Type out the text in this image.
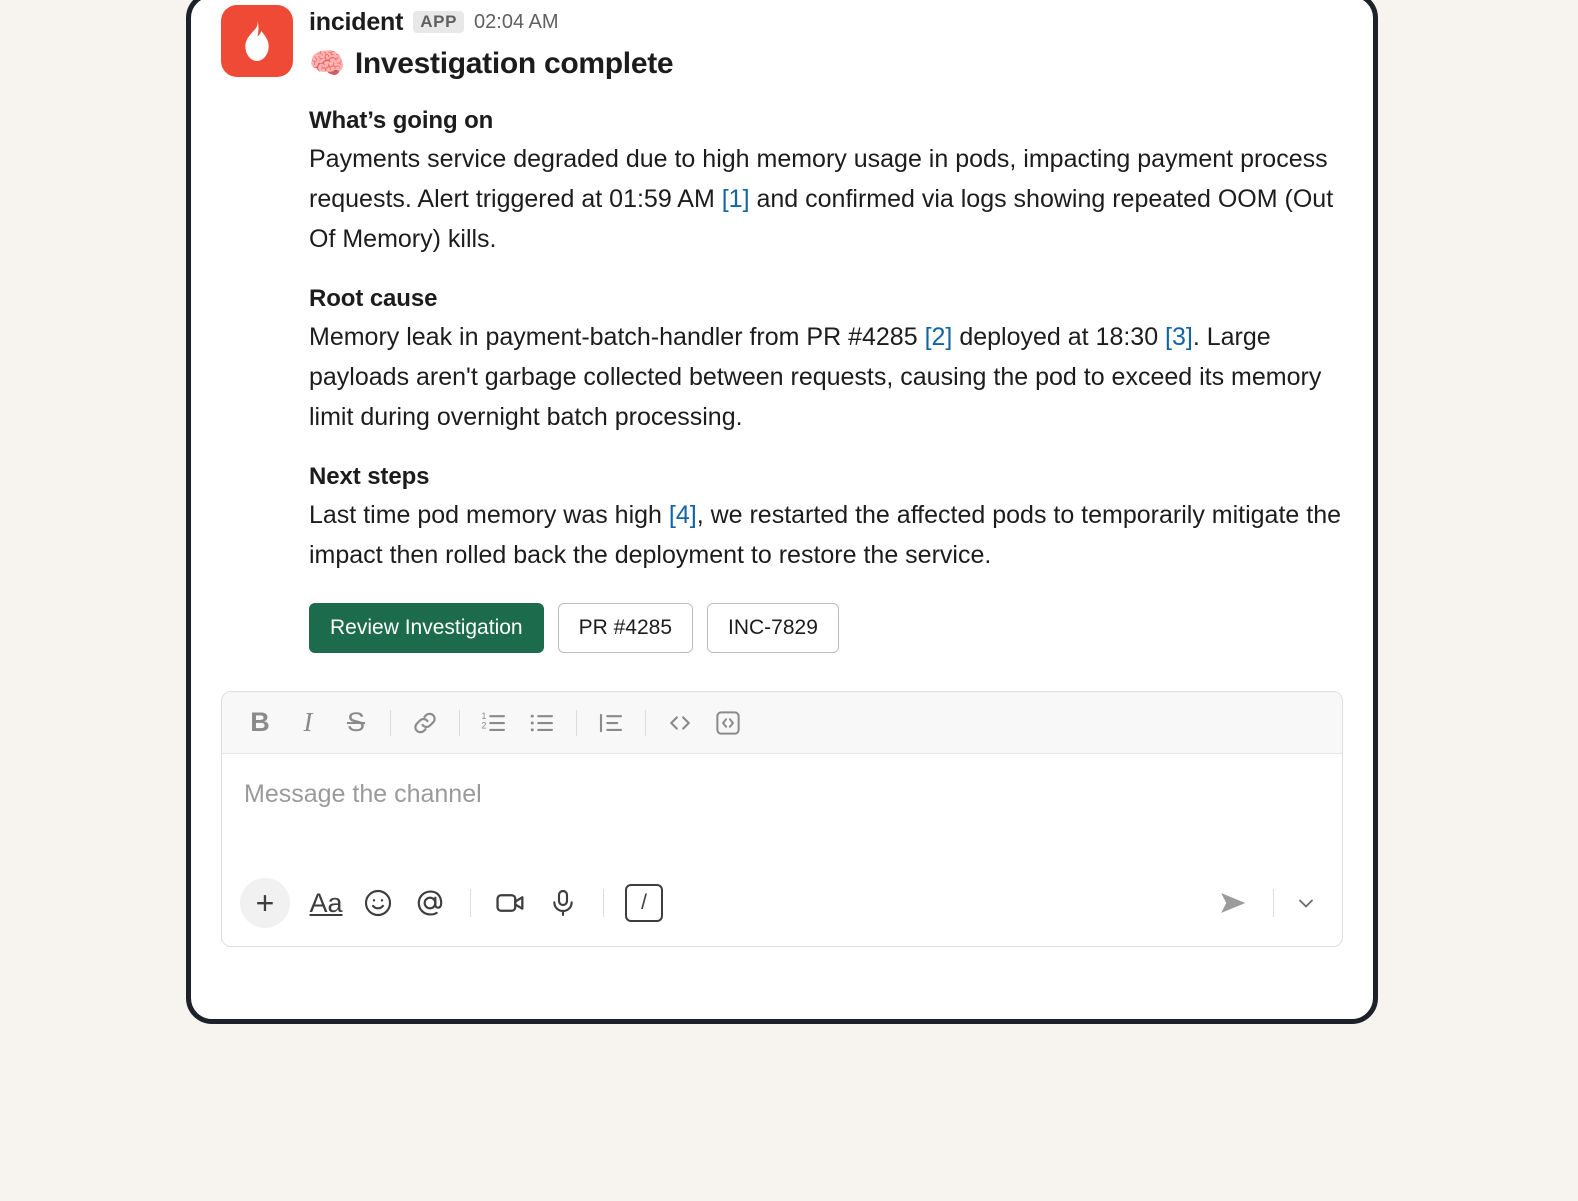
incident	APP 02:04 AM
🧠 Investigation complete
What’s going on
Payments service degraded due to high memory usage in pods, impacting payment process requests. Alert triggered at 01:59 AM [1] and confirmed via logs showing repeated OOM (Out Of Memory) kills.
Root cause
Memory leak in payment-batch-handler from PR #4285 [2] deployed at 18:30 [3]. Large payloads aren't garbage collected between requests, causing the pod to exceed its memory limit during overnight batch processing.
Next steps
Last time pod memory was high [4], we restarted the affected pods to temporarily mitigate the impact then rolled back the deployment to restore the service.
Review Investigation	PR #4285	INC-7829
B	I	S	1
2
Message the channel
+	Aa	/
